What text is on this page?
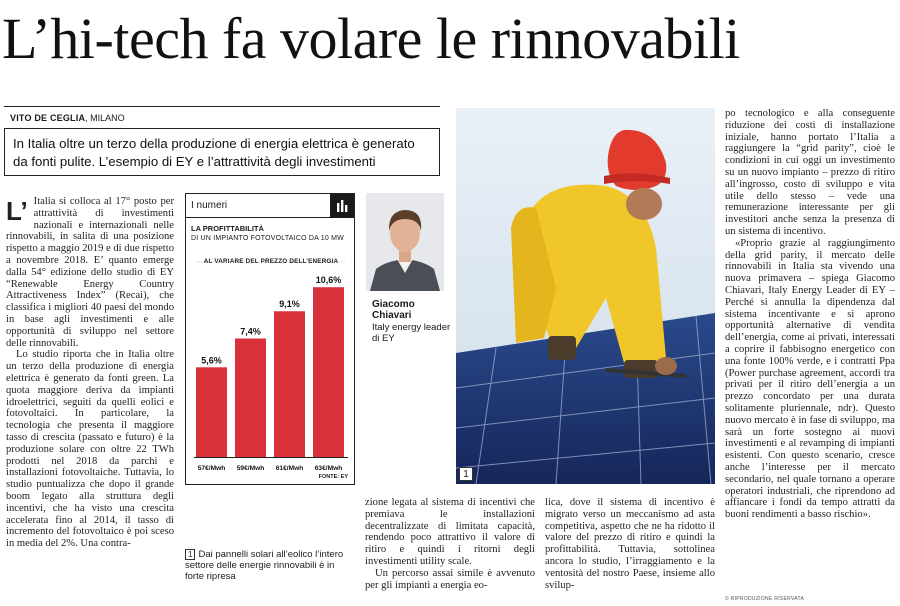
L’hi-tech fa volare le rinnovabili
VITO DE CEGLIA, MILANO
In Italia oltre un terzo della produzione di energia elettrica è generato da fonti pulite. L’esempio di EY e l’attrattività degli investimenti
L’ Italia si colloca al 17° posto per attrattività di investimenti nazionali e internazionali nelle rinnovabili, in salita di una posizione rispetto a maggio 2019 e di due rispetto a novembre 2018. E’ quanto emerge dalla 54° edizione dello studio di EY “Renewable Energy Country Attractiveness Index” (Recai), che classifica i migliori 40 paesi del mondo in base agli investimenti e alle opportunità di sviluppo nel settore delle rinnovabili.

Lo studio riporta che in Italia oltre un terzo della produzione di energia elettrica è generato da fonti green. La quota maggiore deriva da impianti idroelettrici, seguiti da quelli eolici e fotovoltaici. In particolare, la tecnologia che presenta il maggiore tasso di crescita (passato e futuro) è la produzione solare con oltre 22 TWh prodotti nel 2018 da parchi e installazioni fotovoltaiche. Tuttavia, lo studio puntualizza che dopo il grande boom legato alla struttura degli incentivi, che ha visto una crescita accelerata fino al 2014, il tasso di incremento del fotovoltaico è poi sceso in media del 2%. Una contra-

I numeri
LA PROFITTABILITÀ
DI UN IMPIANTO FOTOVOLTAICO DA 10 MW
AL VARIARE DEL PREZZO DELL’ENERGIA
5,6%
57€/Mwh
7,4%
59€/Mwh
9,1%
61€/Mwh
10,6%
63€/Mwh
FONTE: EY
1 Dai pannelli solari all’eolico l’intero settore delle energie rinnovabili è in forte ripresa

zione legata al sistema di incentivi che premiava le installazioni decentralizzate di limitata capacità, rendendo poco attrattivo il valore di ritiro e quindi i ritorni degli investimenti utility scale.

Un percorso assai simile è avvenuto per gli impianti a energia eo-

Giacomo
Chiavari
Italy energy leader di EY
1

lica, dove il sistema di incentivo è migrato verso un meccanismo ad asta competitiva, aspetto che ne ha ridotto il valore del prezzo di ritiro e quindi la profittabilità. Tuttavia, sottolinea ancora lo studio, l’irraggiamento e la ventosità del nostro Paese, insieme allo svilup-

po tecnologico e alla conseguente riduzione dei costi di installazione iniziale, hanno portato l’Italia a raggiungere la “grid parity”, cioè le condizioni in cui oggi un investimento su un nuovo impianto – prezzo di ritiro all’ingrosso, costo di sviluppo e vita utile dello stesso – vede una remunerazione interessante per gli investitori anche senza la presenza di un sistema di incentivo.

«Proprio grazie al raggiungimento della grid parity, il mercato delle rinnovabili in Italia sta vivendo una nuova primavera – spiega Giacomo Chiavari, Italy Energy Leader di EY – Perché si annulla la dipendenza dal sistema incentivante e si aprono opportunità alternative di vendita dell’energia, come ai privati, interessati a coprire il fabbisogno energetico con una fonte 100% verde, e i contratti Ppa (Power purchase agreement, accordi tra privati per il ritiro dell’energia a un prezzo concordato per una durata solitamente pluriennale, ndr). Questo nuovo mercato è in fase di sviluppo, ma sarà un forte sostegno ai nuovi investimenti e al revamping di impianti esistenti. Con questo scenario, cresce anche l’interesse per il mercato secondario, nel quale tornano a operare operatori industriali, che riprendono ad affiancare i fondi da tempo attratti da buoni rendimenti a basso rischio».

© RIPRODUZIONE RISERVATA
